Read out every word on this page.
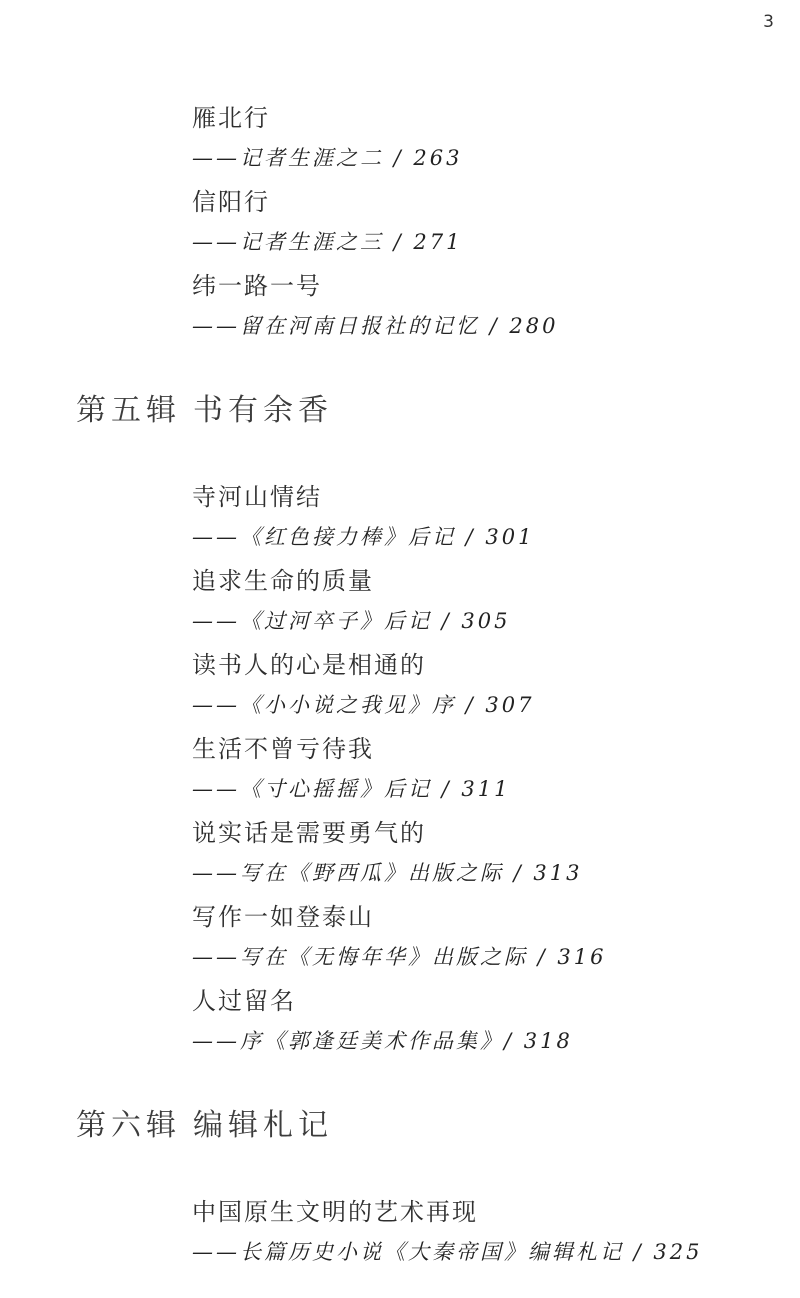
3
雁北行
——记者生涯之二 / 263
信阳行
——记者生涯之三 / 271
纬一路一号
——留在河南日报社的记忆 / 280
第五辑 书有余香
寺河山情结
——《红色接力棒》后记 / 301
追求生命的质量
——《过河卒子》后记 / 305
读书人的心是相通的
——《小小说之我见》序 / 307
生活不曾亏待我
——《寸心摇摇》后记 / 311
说实话是需要勇气的
——写在《野西瓜》出版之际 / 313
写作一如登泰山
——写在《无悔年华》出版之际 / 316
人过留名
——序《郭逢廷美术作品集》/ 318
第六辑 编辑札记
中国原生文明的艺术再现
——长篇历史小说《大秦帝国》编辑札记 / 325
